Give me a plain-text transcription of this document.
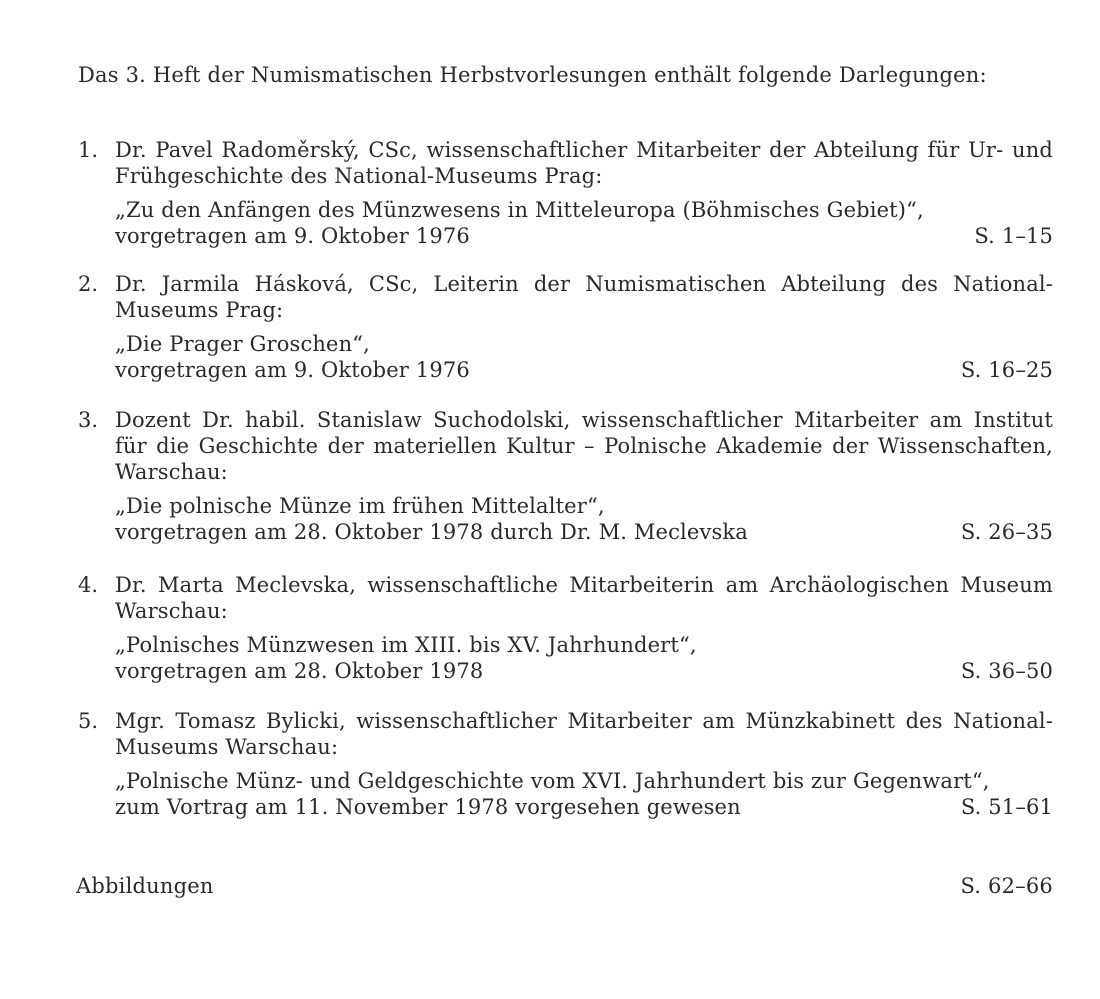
Das 3. Heft der Numismatischen Herbstvorlesungen enthält folgende Darlegungen:
1. Dr. Pavel Radoměrský, CSc, wissenschaftlicher Mitarbeiter der Abteilung für Ur- und Frühgeschichte des National-Museums Prag:
„Zu den Anfängen des Münzwesens in Mitteleuropa (Böhmisches Gebiet)“,
vorgetragen am 9. Oktober 1976	S. 1–15
2. Dr. Jarmila Hásková, CSc, Leiterin der Numismatischen Abteilung des National-Museums Prag:
„Die Prager Groschen“,
vorgetragen am 9. Oktober 1976	S. 16–25
3. Dozent Dr. habil. Stanislaw Suchodolski, wissenschaftlicher Mitarbeiter am Institut für die Geschichte der materiellen Kultur – Polnische Akademie der Wissenschaften, Warschau:
„Die polnische Münze im frühen Mittelalter“,
vorgetragen am 28. Oktober 1978 durch Dr. M. Meclevska	S. 26–35
4. Dr. Marta Meclevska, wissenschaftliche Mitarbeiterin am Archäologischen Museum Warschau:
„Polnisches Münzwesen im XIII. bis XV. Jahrhundert“,
vorgetragen am 28. Oktober 1978	S. 36–50
5. Mgr. Tomasz Bylicki, wissenschaftlicher Mitarbeiter am Münzkabinett des National-Museums Warschau:
„Polnische Münz- und Geldgeschichte vom XVI. Jahrhundert bis zur Gegenwart“,
zum Vortrag am 11. November 1978 vorgesehen gewesen	S. 51–61
Abbildungen	S. 62–66
